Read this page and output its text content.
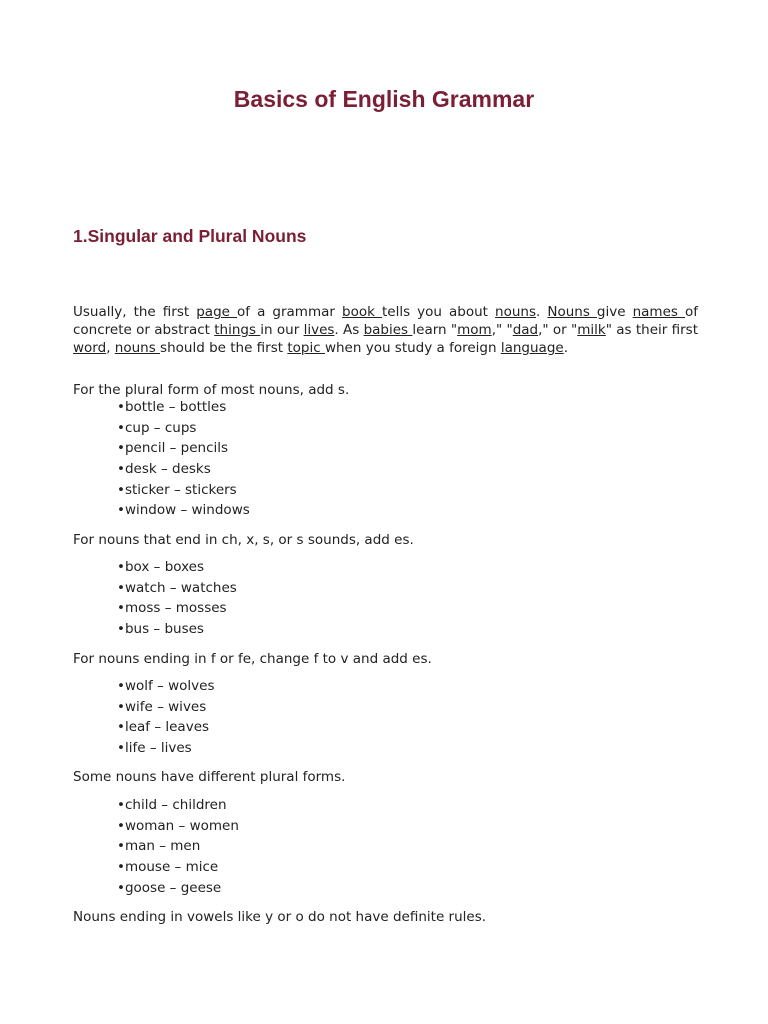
Basics of English Grammar
1.Singular and Plural Nouns
Usually, the first page of a grammar book tells you about nouns. Nouns give names of concrete or abstract things in our lives. As babies learn "mom," "dad," or "milk" as their first word, nouns should be the first topic when you study a foreign language.
For the plural form of most nouns, add s.
•bottle – bottles
•cup – cups
•pencil – pencils
•desk – desks
•sticker – stickers
•window – windows
For nouns that end in ch, x, s, or s sounds, add es.
•box – boxes
•watch – watches
•moss – mosses
•bus – buses
For nouns ending in f or fe, change f to v and add es.
•wolf – wolves
•wife – wives
•leaf – leaves
•life – lives
Some nouns have different plural forms.
•child – children
•woman – women
•man – men
•mouse – mice
•goose – geese
Nouns ending in vowels like y or o do not have definite rules.
